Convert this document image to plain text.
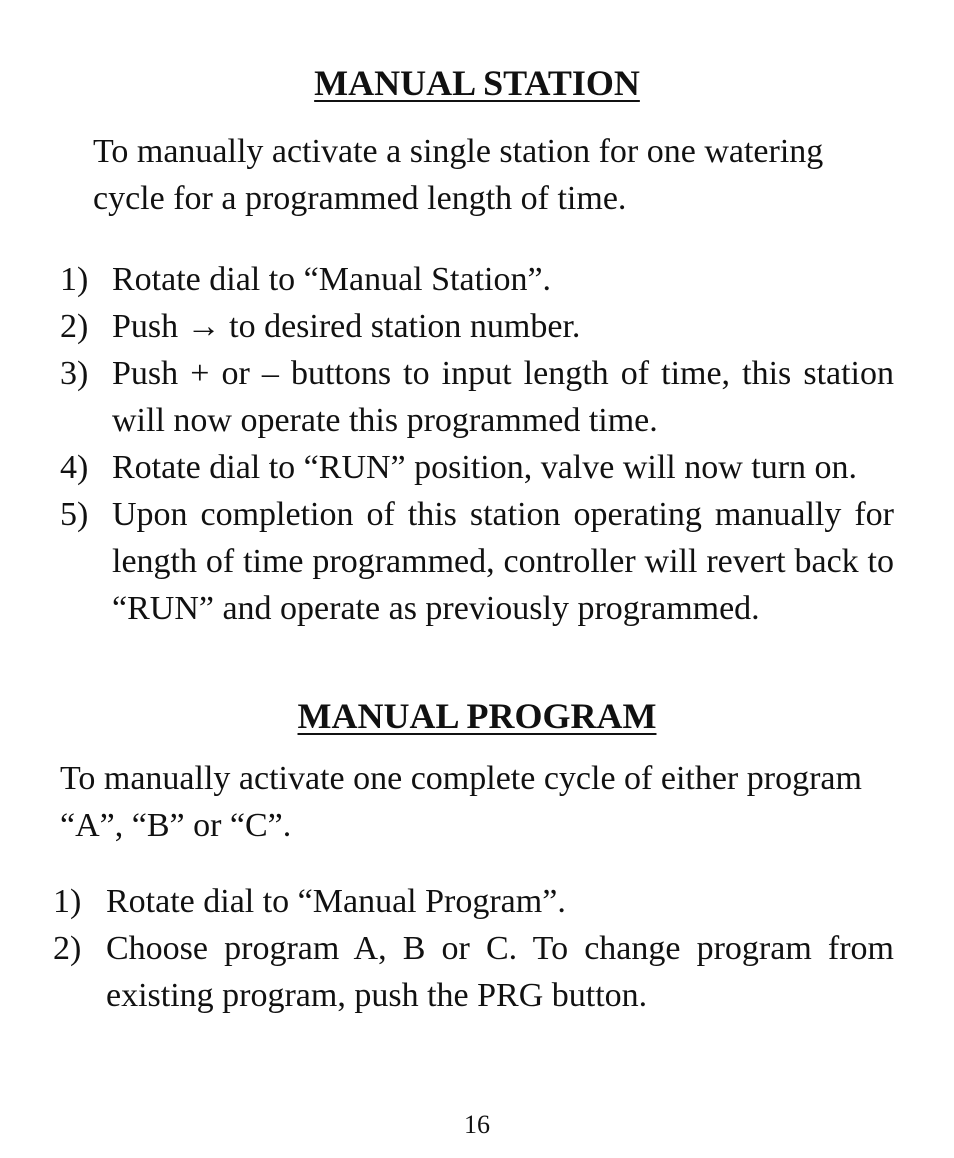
MANUAL STATION

To manually activate a single station for one watering cycle for a programmed length of time.

1) Rotate dial to “Manual Station”.
2) Push → to desired station number.
3) Push + or – buttons to input length of time, this station will now operate this programmed time.
4) Rotate dial to “RUN” position, valve will now turn on.
5) Upon completion of this station operating manually for length of time programmed, controller will revert back to “RUN” and operate as previously programmed.
MANUAL PROGRAM

To manually activate one complete cycle of either program “A”, “B” or “C”.

1) Rotate dial to “Manual Program”.
2) Choose program A, B or C. To change program from existing program, push the PRG button.
16
